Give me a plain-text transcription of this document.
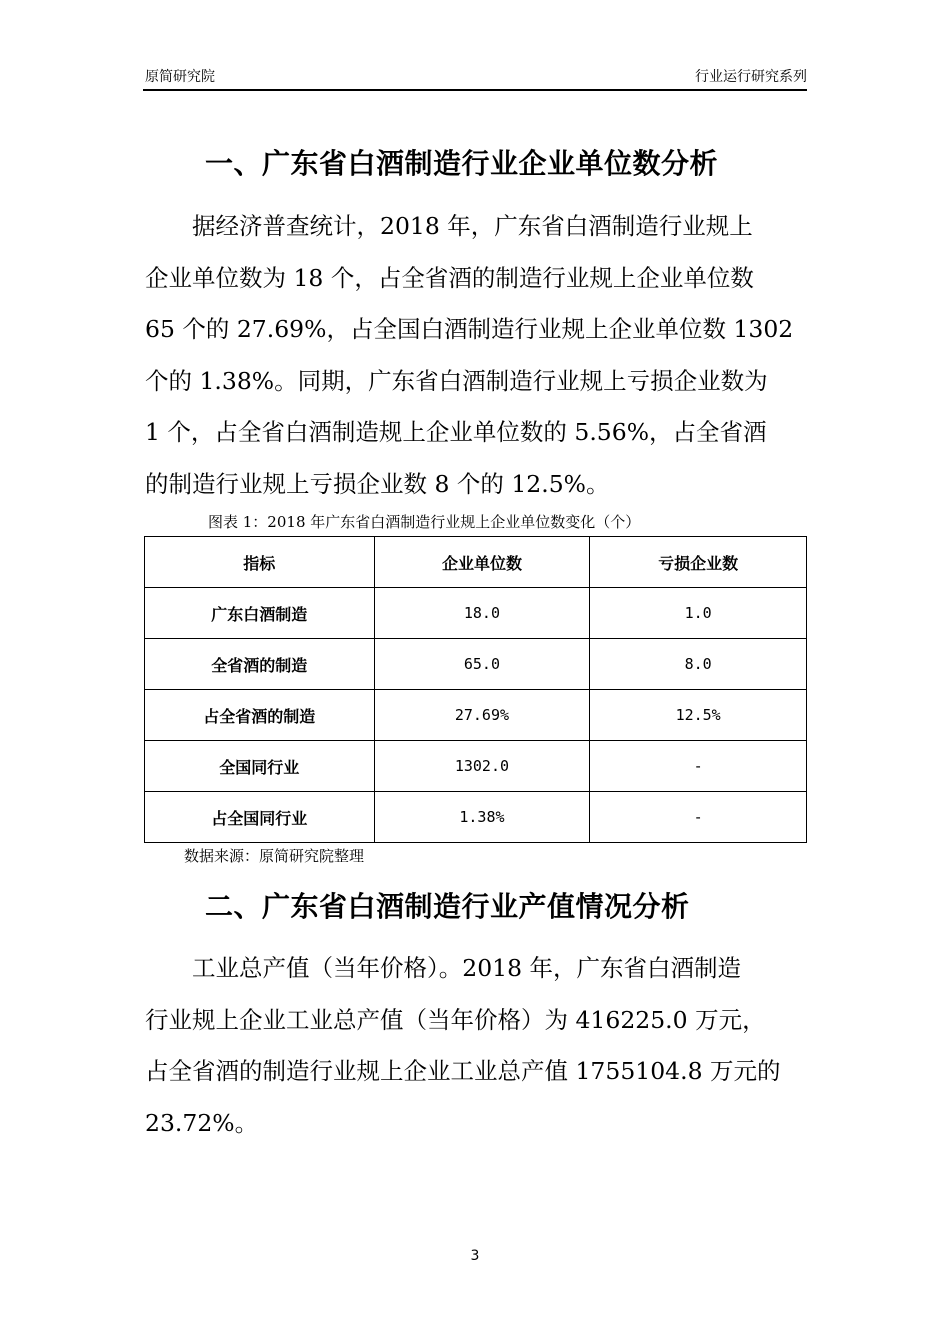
原简研究院	行业运行研究系列
一、广东省白酒制造行业企业单位数分析
　　据经济普查统计，2018 年，广东省白酒制造行业规上
企业单位数为 18 个，占全省酒的制造行业规上企业单位数
65 个的 27.69%，占全国白酒制造行业规上企业单位数 1302
个的 1.38%。同期，广东省白酒制造行业规上亏损企业数为
1 个，占全省白酒制造规上企业单位数的 5.56%，占全省酒
的制造行业规上亏损企业数 8 个的 12.5%。
图表 1：2018 年广东省白酒制造行业规上企业单位数变化（个）
指标	企业单位数	亏损企业数
广东白酒制造	18.0	1.0
全省酒的制造	65.0	8.0
占全省酒的制造	27.69%	12.5%
全国同行业	1302.0	-
占全国同行业	1.38%	-
数据来源：原简研究院整理
二、广东省白酒制造行业产值情况分析
　　工业总产值（当年价格）。2018 年，广东省白酒制造
行业规上企业工业总产值（当年价格）为 416225.0 万元，
占全省酒的制造行业规上企业工业总产值 1755104.8 万元的
23.72%。
3
